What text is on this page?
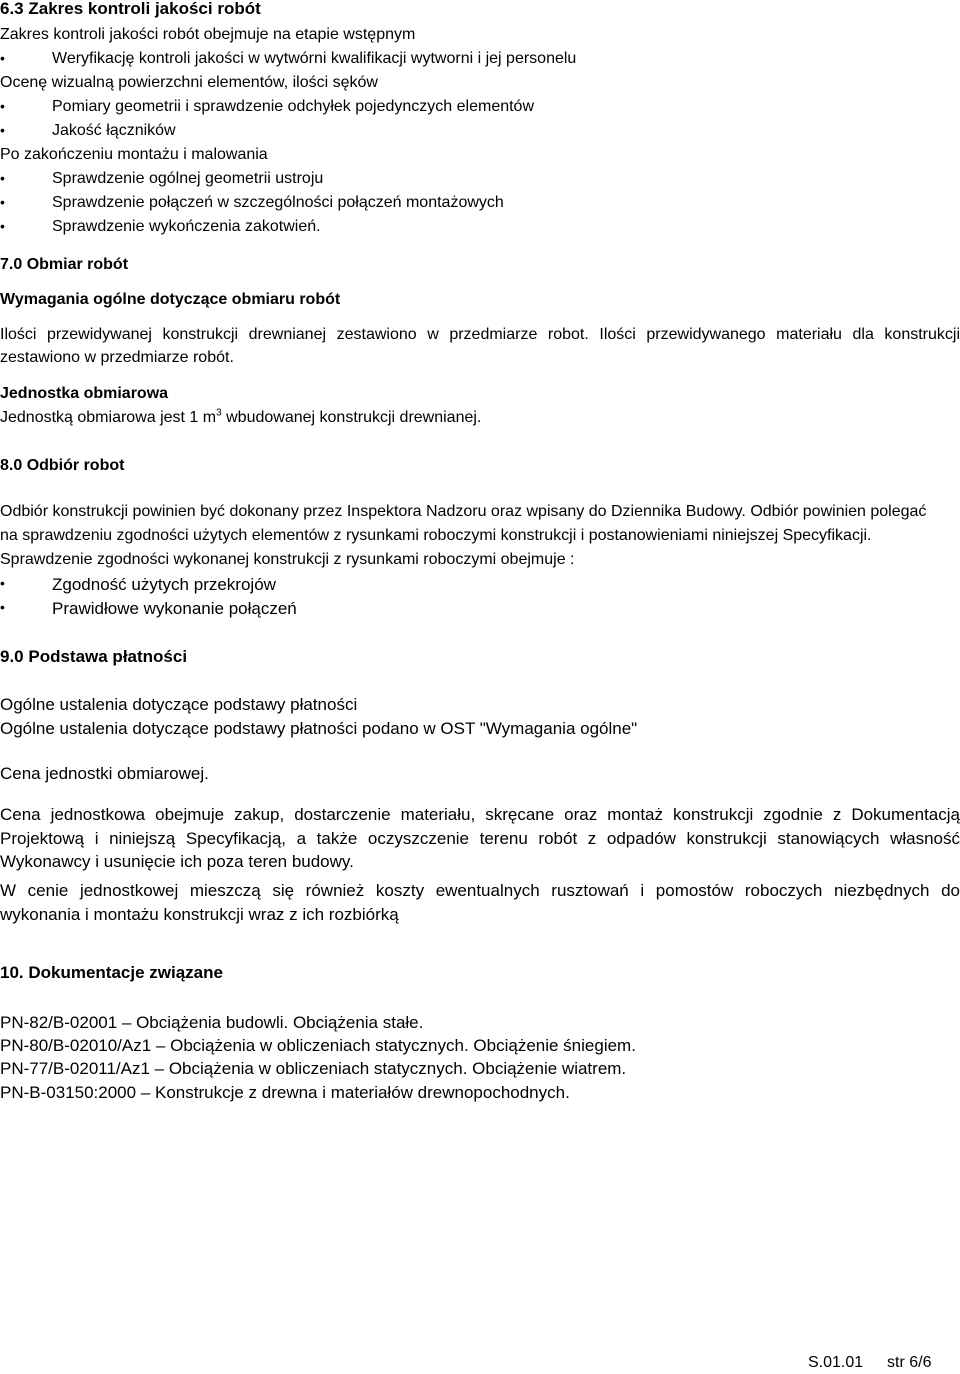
6.3 Zakres kontroli jakości robót
Zakres kontroli jakości robót obejmuje na etapie wstępnym
•	Weryfikację kontroli jakości w wytwórni kwalifikacji wytworni i jej personelu
Ocenę wizualną powierzchni elementów, ilości sęków
•	Pomiary geometrii i sprawdzenie odchyłek pojedynczych elementów
•	Jakość łączników
Po zakończeniu montażu i malowania
•	Sprawdzenie ogólnej geometrii ustroju
•	Sprawdzenie połączeń w szczególności połączeń montażowych
•	Sprawdzenie wykończenia zakotwień.
7.0 Obmiar robót
Wymagania ogólne dotyczące obmiaru robót
Ilości przewidywanej konstrukcji drewnianej zestawiono w przedmiarze robot. Ilości przewidywanego materiału dla konstrukcji
zestawiono w przedmiarze robót.
Jednostka obmiarowa
Jednostką obmiarowa jest 1 $m^3$ wbudowanej konstrukcji drewnianej.
8.0 Odbiór robot
Odbiór konstrukcji powinien być dokonany przez Inspektora Nadzoru oraz wpisany do Dziennika Budowy. Odbiór powinien polegać
na sprawdzeniu zgodności użytych elementów z rysunkami roboczymi konstrukcji i postanowieniami niniejszej Specyfikacji.
Sprawdzenie zgodności wykonanej konstrukcji z rysunkami roboczymi obejmuje :
•	Zgodność użytych przekrojów
•	Prawidłowe wykonanie połączeń
9.0 Podstawa płatności
Ogólne ustalenia dotyczące podstawy płatności
Ogólne ustalenia dotyczące podstawy płatności podano w OST "Wymagania ogólne"
Cena jednostki obmiarowej.
Cena jednostkowa obejmuje zakup, dostarczenie materiału, skręcane oraz montaż konstrukcji zgodnie z Dokumentacją
Projektową i niniejszą Specyfikacją, a także oczyszczenie terenu robót z odpadów konstrukcji stanowiących własność
Wykonawcy i usunięcie ich poza teren budowy.
W cenie jednostkowej mieszczą się również koszty ewentualnych rusztowań i pomostów roboczych niezbędnych do
wykonania i montażu konstrukcji wraz z ich rozbiórką
10. Dokumentacje związane
PN-82/B-02001 – Obciążenia budowli. Obciążenia stałe.
PN-80/B-02010/Az1 – Obciążenia w obliczeniach statycznych. Obciążenie śniegiem.
PN-77/B-02011/Az1 – Obciążenia w obliczeniach statycznych. Obciążenie wiatrem.
PN-B-03150:2000 – Konstrukcje z drewna i materiałów drewnopochodnych.
S.01.01 str 6/6
